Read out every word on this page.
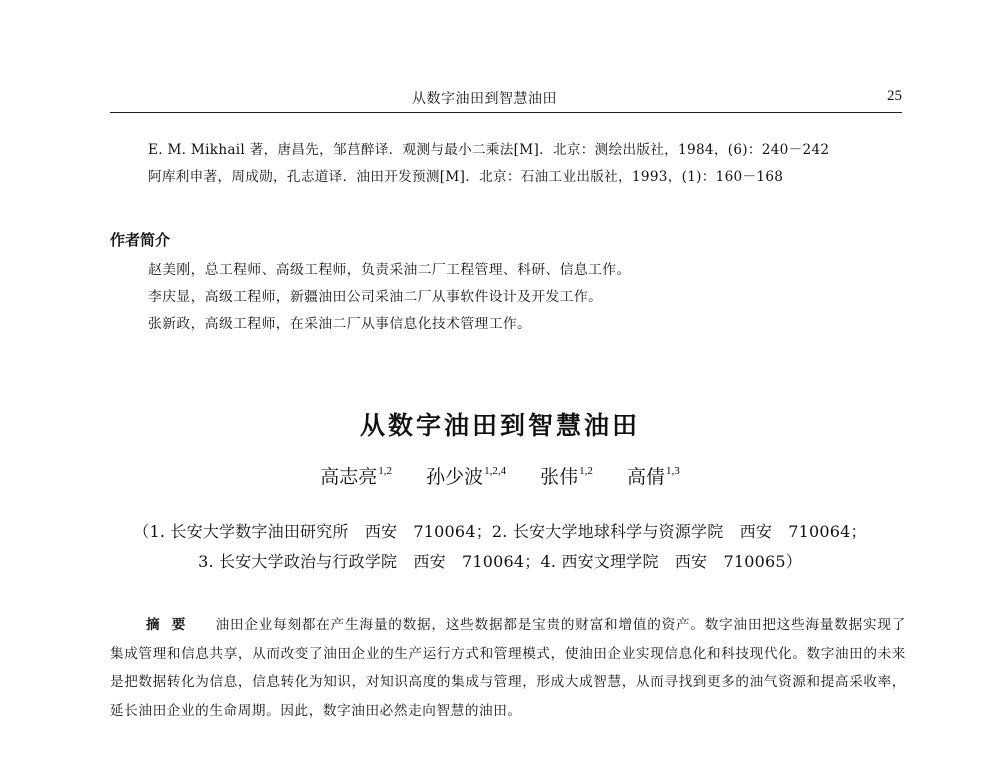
从数字油田到智慧油田	25
E. M. Mikhail 著，唐昌先，邹莒醉译．观测与最小二乘法[M]．北京：测绘出版社，1984，(6)：240－242
阿库利申著，周成勋，孔志道译．油田开发预测[M]．北京：石油工业出版社，1993，(1)：160－168
作者简介
赵美刚，总工程师、高级工程师，负责采油二厂工程管理、科研、信息工作。
李庆显，高级工程师，新疆油田公司采油二厂从事软件设计及开发工作。
张新政，高级工程师，在采油二厂从事信息化技术管理工作。
从数字油田到智慧油田
高志亮$^{1,2}$ 孙少波$^{1,2,4}$ 张伟$^{1,2}$ 高倩$^{1,3}$
（1. 长安大学数字油田研究所　西安　710064；2. 长安大学地球科学与资源学院　西安　710064；
3. 长安大学政治与行政学院　西安　710064；4. 西安文理学院　西安　710065）
摘要 油田企业每刻都在产生海量的数据，这些数据都是宝贵的财富和增值的资产。数字油田把这些海量数据实现了集成管理和信息共享，从而改变了油田企业的生产运行方式和管理模式，使油田企业实现信息化和科技现代化。数字油田的未来是把数据转化为信息，信息转化为知识，对知识高度的集成与管理，形成大成智慧，从而寻找到更多的油气资源和提高采收率，延长油田企业的生命周期。因此，数字油田必然走向智慧的油田。
